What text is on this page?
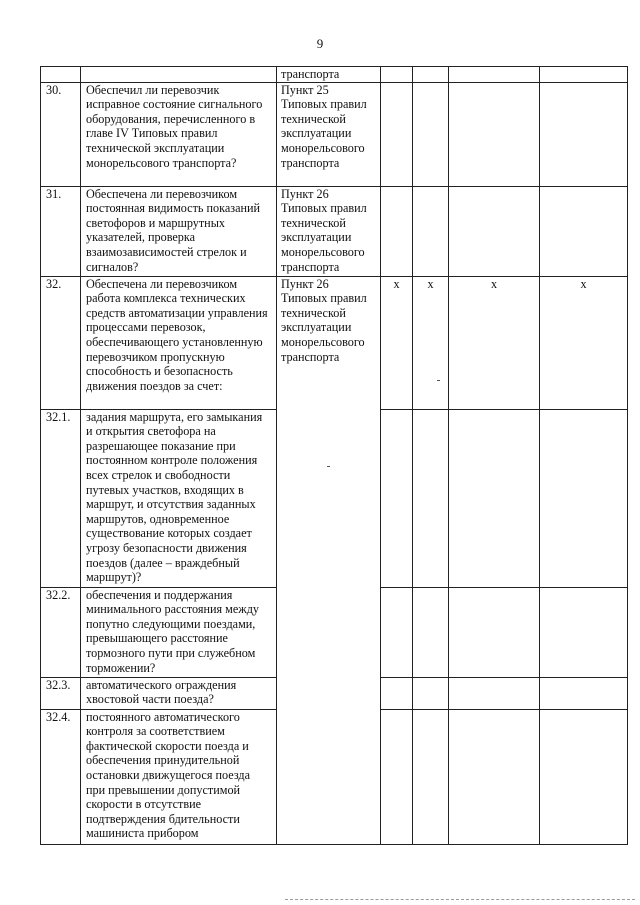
9
		транспорта					
30.	Обеспечил ли перевозчик исправное состояние сигнального оборудования, перечисленного в главе IV Типовых правил технической эксплуатации монорельсового транспорта?	Пункт 25 Типовых правил технической эксплуатации монорельсового транспорта					
31.	Обеспечена ли перевозчиком постоянная видимость показаний светофоров и маршрутных указателей, проверка взаимозависимостей стрелок и сигналов?	Пункт 26 Типовых правил технической эксплуатации монорельсового транспорта					
32.	Обеспечена ли перевозчиком работа комплекса технических средств автоматизации управления процессами перевозок, обеспечивающего установленную перевозчиком пропускную способность и безопасность движения поездов за счет:	Пункт 26 Типовых правил технической эксплуатации монорельсового транспорта	x	x	x	x	
32.1.	задания маршрута, его замыкания и открытия светофора на разрешающее показание при постоянном контроле положения всех стрелок и свободности путевых участков, входящих в маршрут, и отсутствия заданных маршрутов, одновременное существование которых создает угрозу безопасности движения поездов (далее – враждебный маршрут)?						
32.2.	обеспечения и поддержания минимального расстояния между попутно следующими поездами, превышающего расстояние тормозного пути при служебном торможении?						
32.3.	автоматического ограждения хвостовой части поезда?						
32.4.	постоянного автоматического контроля за соответствием фактической скорости поезда и обеспечения принудительной остановки движущегося поезда при превышении допустимой скорости в отсутствие подтверждения бдительности машиниста прибором						
